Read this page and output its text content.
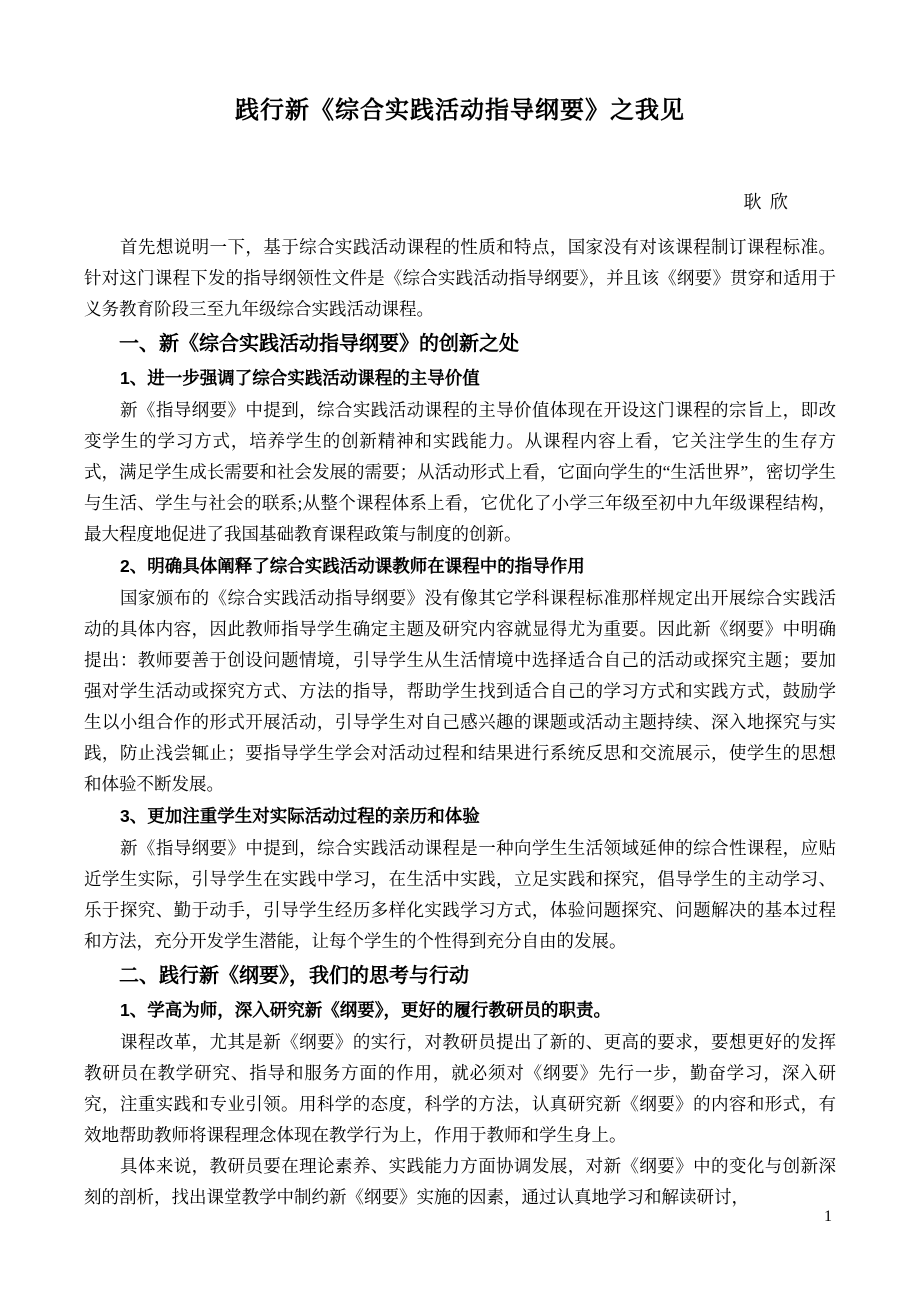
践行新《综合实践活动指导纲要》之我见
耿 欣

首先想说明一下，基于综合实践活动课程的性质和特点，国家没有对该课程制订课程标准。针对这门课程下发的指导纲领性文件是《综合实践活动指导纲要》，并且该《纲要》贯穿和适用于义务教育阶段三至九年级综合实践活动课程。

一、新《综合实践活动指导纲要》的创新之处

1、进一步强调了综合实践活动课程的主导价值

新《指导纲要》中提到，综合实践活动课程的主导价值体现在开设这门课程的宗旨上，即改变学生的学习方式，培养学生的创新精神和实践能力。从课程内容上看，它关注学生的生存方式，满足学生成长需要和社会发展的需要；从活动形式上看，它面向学生的“生活世界”，密切学生与生活、学生与社会的联系;从整个课程体系上看，它优化了小学三年级至初中九年级课程结构，最大程度地促进了我国基础教育课程政策与制度的创新。

2、明确具体阐释了综合实践活动课教师在课程中的指导作用

国家颁布的《综合实践活动指导纲要》没有像其它学科课程标准那样规定出开展综合实践活动的具体内容，因此教师指导学生确定主题及研究内容就显得尤为重要。因此新《纲要》中明确提出：教师要善于创设问题情境，引导学生从生活情境中选择适合自己的活动或探究主题；要加强对学生活动或探究方式、方法的指导，帮助学生找到适合自己的学习方式和实践方式，鼓励学生以小组合作的形式开展活动，引导学生对自己感兴趣的课题或活动主题持续、深入地探究与实践，防止浅尝辄止；要指导学生学会对活动过程和结果进行系统反思和交流展示，使学生的思想和体验不断发展。

3、更加注重学生对实际活动过程的亲历和体验

新《指导纲要》中提到，综合实践活动课程是一种向学生生活领域延伸的综合性课程，应贴近学生实际，引导学生在实践中学习，在生活中实践，立足实践和探究，倡导学生的主动学习、乐于探究、勤于动手，引导学生经历多样化实践学习方式，体验问题探究、问题解决的基本过程和方法，充分开发学生潜能，让每个学生的个性得到充分自由的发展。

二、践行新《纲要》，我们的思考与行动

1、学高为师，深入研究新《纲要》，更好的履行教研员的职责。

课程改革，尤其是新《纲要》的实行，对教研员提出了新的、更高的要求，要想更好的发挥教研员在教学研究、指导和服务方面的作用，就必须对《纲要》先行一步，勤奋学习，深入研究，注重实践和专业引领。用科学的态度，科学的方法，认真研究新《纲要》的内容和形式，有效地帮助教师将课程理念体现在教学行为上，作用于教师和学生身上。

具体来说，教研员要在理论素养、实践能力方面协调发展，对新《纲要》中的变化与创新深刻的剖析，找出课堂教学中制约新《纲要》实施的因素，通过认真地学习和解读研讨，

1
